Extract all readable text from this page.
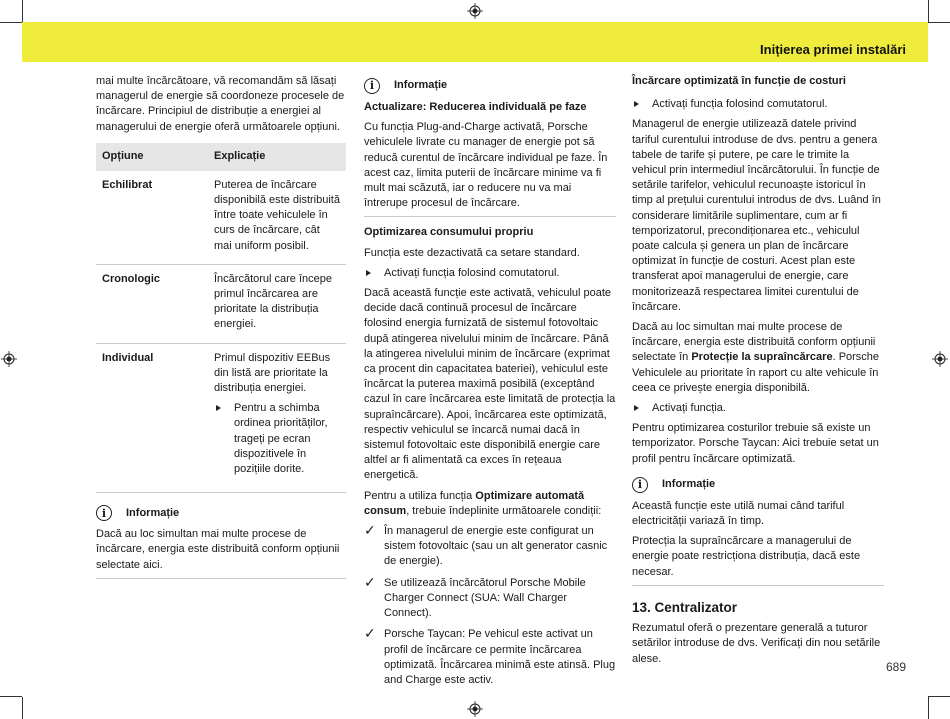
Inițierea primei instalări

mai multe încărcătoare, vă recomandăm să lăsați managerul de energie să coordoneze procesele de încărcare. Principiul de distribuție a energiei al managerului de energie oferă următoarele opțiuni.

Opțiune	Explicație
Echilibrat	Puterea de încărcare disponibilă este distribuită între toate vehiculele în curs de încărcare, cât mai uniform posibil.
Cronologic	Încărcătorul care începe primul încărcarea are prioritate la distribuția energiei.
Individual	Primul dispozitiv EEBus din listă are prioritate la distribuția energiei.

Pentru a schimba ordinea priorităților, trageți pe ecran dispozitivele în pozițiile dorite.

i	Informație

Dacă au loc simultan mai multe procese de încărcare, energia este distribuită conform opțiunii selectate aici.

i	Informație

Actualizare: Reducerea individuală pe faze

Cu funcția Plug-and-Charge activată, Porsche vehiculele livrate cu manager de energie pot să reducă curentul de încărcare individual pe faze. În acest caz, limita puterii de încărcare minime va fi mult mai scăzută, iar o reducere nu va mai întrerupe procesul de încărcare.

Optimizarea consumului propriu

Funcția este dezactivată ca setare standard.

Activați funcția folosind comutatorul.

Dacă această funcție este activată, vehiculul poate decide dacă continuă procesul de încărcare folosind energia furnizată de sistemul fotovoltaic după atingerea nivelului minim de încărcare. Până la atingerea nivelului minim de încărcare (exprimat ca procent din capacitatea bateriei), vehiculul este încărcat la puterea maximă posibilă (exceptând cazul în care încărcarea este limitată de protecția la supraîncărcare). Apoi, încărcarea este optimizată, respectiv vehiculul se încarcă numai dacă în sistemul fotovoltaic este disponibilă energie care altfel ar fi alimentată ca exces în rețeaua energetică.

Pentru a utiliza funcția Optimizare automată consum, trebuie îndeplinite următoarele condiții:

✓ În managerul de energie este configurat un sistem fotovoltaic (sau un alt generator casnic de energie).

✓ Se utilizează încărcătorul Porsche Mobile Charger Connect (SUA: Wall Charger Connect).

✓ Porsche Taycan: Pe vehicul este activat un profil de încărcare ce permite încărcarea optimizată. Încărcarea minimă este atinsă. Plug and Charge este activ.

Încărcare optimizată în funcție de costuri

Activați funcția folosind comutatorul.

Managerul de energie utilizează datele privind tariful curentului introduse de dvs. pentru a genera tabele de tarife și putere, pe care le trimite la vehicul prin intermediul încărcătorului. În funcție de setările tarifelor, vehiculul recunoaște istoricul în timp al prețului curentului introdus de dvs. Luând în considerare limitările suplimentare, cum ar fi temporizatorul, precondiționarea etc., vehiculul poate calcula și genera un plan de încărcare optimizat în funcție de costuri. Acest plan este transferat apoi managerului de energie, care monitorizează respectarea limitei curentului de încărcare.

Dacă au loc simultan mai multe procese de încărcare, energia este distribuită conform opțiunii selectate în Protecție la supraîncărcare. Porsche Vehiculele au prioritate în raport cu alte vehicule în ceea ce privește energia disponibilă.

Activați funcția.

Pentru optimizarea costurilor trebuie să existe un temporizator. Porsche Taycan: Aici trebuie setat un profil pentru încărcare optimizată.

i	Informație

Această funcție este utilă numai când tariful electricității variază în timp.

Protecția la supraîncărcare a managerului de energie poate restricționa distribuția, dacă este necesar.

13. Centralizator

Rezumatul oferă o prezentare generală a tuturor setărilor introduse de dvs. Verificați din nou setările alese.

689
